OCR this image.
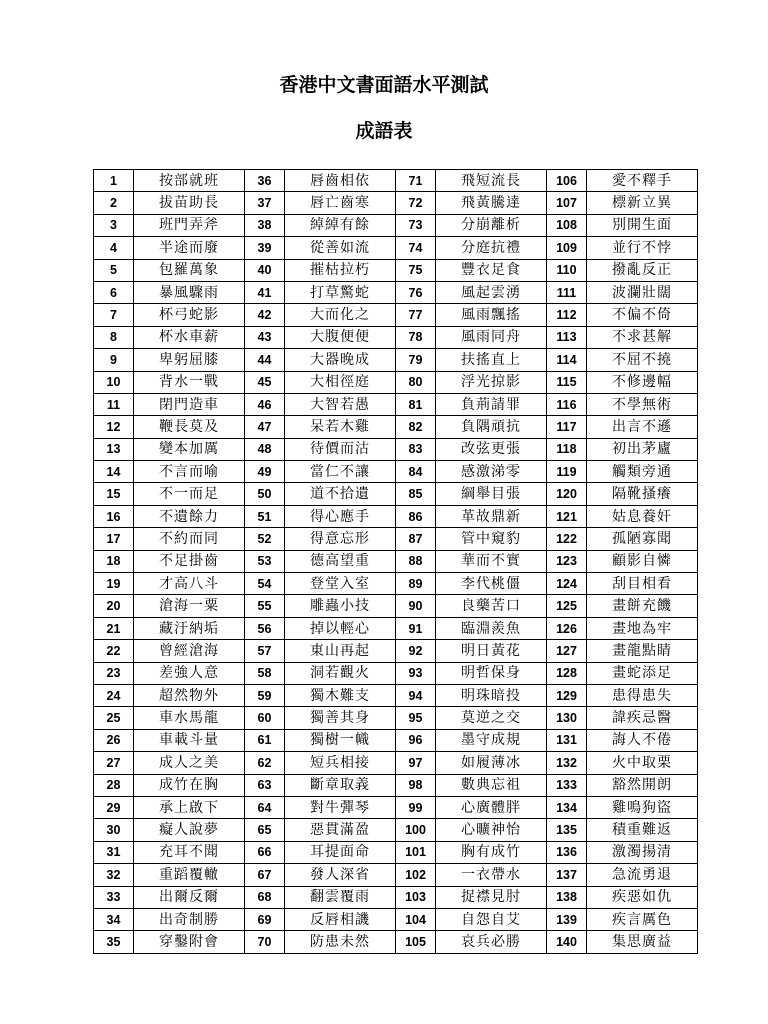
香港中文書面語水平測試
成語表
1	按部就班	36	唇齒相依	71	飛短流長	106	愛不釋手
2	拔苗助長	37	唇亡齒寒	72	飛黃騰達	107	標新立異
3	班門弄斧	38	綽綽有餘	73	分崩離析	108	別開生面
4	半途而廢	39	從善如流	74	分庭抗禮	109	並行不悖
5	包羅萬象	40	摧枯拉朽	75	豐衣足食	110	撥亂反正
6	暴風驟雨	41	打草驚蛇	76	風起雲湧	111	波瀾壯闊
7	杯弓蛇影	42	大而化之	77	風雨飄搖	112	不偏不倚
8	杯水車薪	43	大腹便便	78	風雨同舟	113	不求甚解
9	卑躬屈膝	44	大器晚成	79	扶搖直上	114	不屈不撓
10	背水一戰	45	大相徑庭	80	浮光掠影	115	不修邊幅
11	閉門造車	46	大智若愚	81	負荊請罪	116	不學無術
12	鞭長莫及	47	呆若木雞	82	負隅頑抗	117	出言不遜
13	變本加厲	48	待價而沽	83	改弦更張	118	初出茅廬
14	不言而喻	49	當仁不讓	84	感激涕零	119	觸類旁通
15	不一而足	50	道不拾遺	85	綱舉目張	120	隔靴搔癢
16	不遺餘力	51	得心應手	86	革故鼎新	121	姑息養奸
17	不約而同	52	得意忘形	87	管中窺豹	122	孤陋寡聞
18	不足掛齒	53	德高望重	88	華而不實	123	顧影自憐
19	才高八斗	54	登堂入室	89	李代桃僵	124	刮目相看
20	滄海一粟	55	雕蟲小技	90	良藥苦口	125	畫餅充饑
21	藏汙納垢	56	掉以輕心	91	臨淵羨魚	126	畫地為牢
22	曾經滄海	57	東山再起	92	明日黃花	127	畫龍點睛
23	差強人意	58	洞若觀火	93	明哲保身	128	畫蛇添足
24	超然物外	59	獨木難支	94	明珠暗投	129	患得患失
25	車水馬龍	60	獨善其身	95	莫逆之交	130	諱疾忌醫
26	車載斗量	61	獨樹一幟	96	墨守成規	131	誨人不倦
27	成人之美	62	短兵相接	97	如履薄冰	132	火中取栗
28	成竹在胸	63	斷章取義	98	數典忘祖	133	豁然開朗
29	承上啟下	64	對牛彈琴	99	心廣體胖	134	雞鳴狗盜
30	癡人說夢	65	惡貫滿盈	100	心曠神怡	135	積重難返
31	充耳不聞	66	耳提面命	101	胸有成竹	136	激濁揚清
32	重蹈覆轍	67	發人深省	102	一衣帶水	137	急流勇退
33	出爾反爾	68	翻雲覆雨	103	捉襟見肘	138	疾惡如仇
34	出奇制勝	69	反唇相譏	104	自怨自艾	139	疾言厲色
35	穿鑿附會	70	防患未然	105	哀兵必勝	140	集思廣益
